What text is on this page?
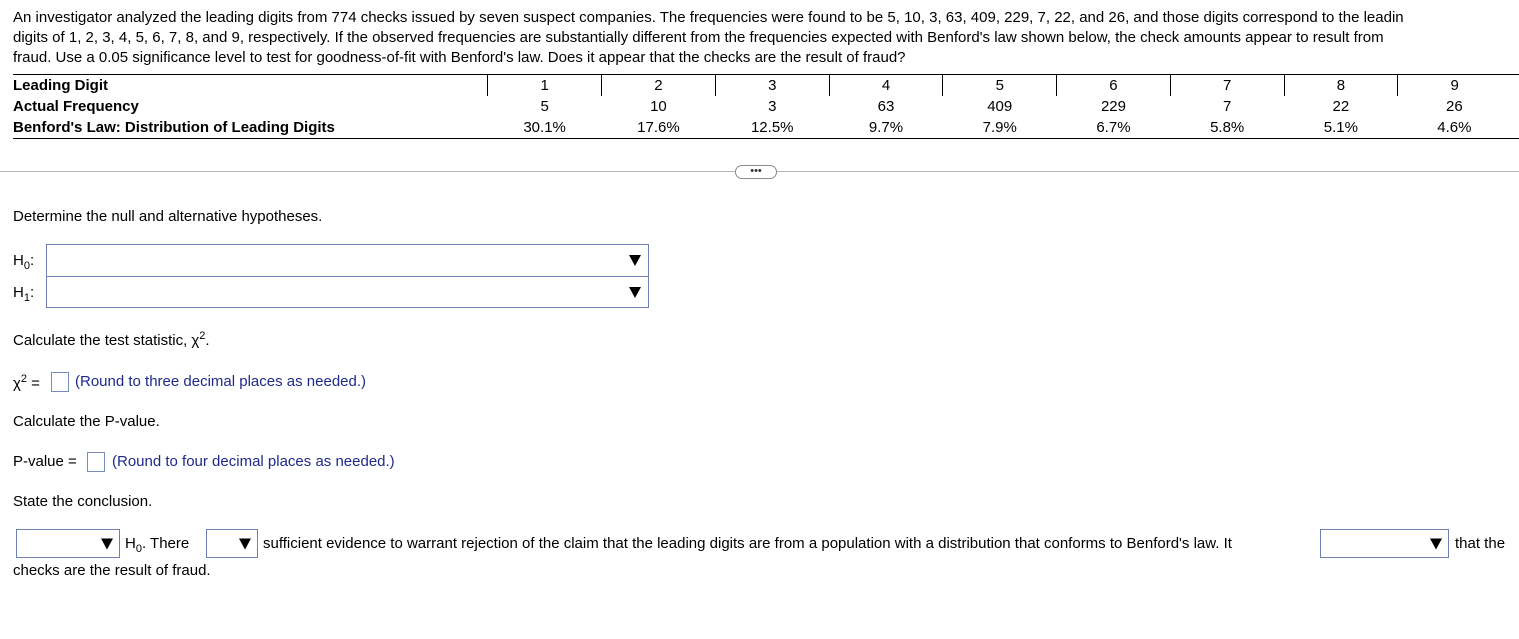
An investigator analyzed the leading digits from 774 checks issued by seven suspect companies. The frequencies were found to be 5, 10, 3, 63, 409, 229, 7, 22, and 26, and those digits correspond to the leadin
digits of 1, 2, 3, 4, 5, 6, 7, 8, and 9, respectively. If the observed frequencies are substantially different from the frequencies expected with Benford's law shown below, the check amounts appear to result from
fraud. Use a 0.05 significance level to test for goodness-of-fit with Benford's law. Does it appear that the checks are the result of fraud?
Leading Digit	1	2	3	4	5	6	7	8	9	
Actual Frequency	5	10	3	63	409	229	7	22	26	
Benford's Law: Distribution of Leading Digits	30.1%	17.6%	12.5%	9.7%	7.9%	6.7%	5.8%	5.1%	4.6%	
•••
Determine the null and alternative hypotheses.
$H_0$:
$H_1$:
Calculate the test statistic, $\chi^2$.
$\chi^2$ = (Round to three decimal places as needed.)
Calculate the P-value.
P-value = (Round to four decimal places as needed.)
State the conclusion.
$H_0$. There	sufficient evidence to warrant rejection of the claim that the leading digits are from a population with a distribution that conforms to Benford's law. It	that the
checks are the result of fraud.
